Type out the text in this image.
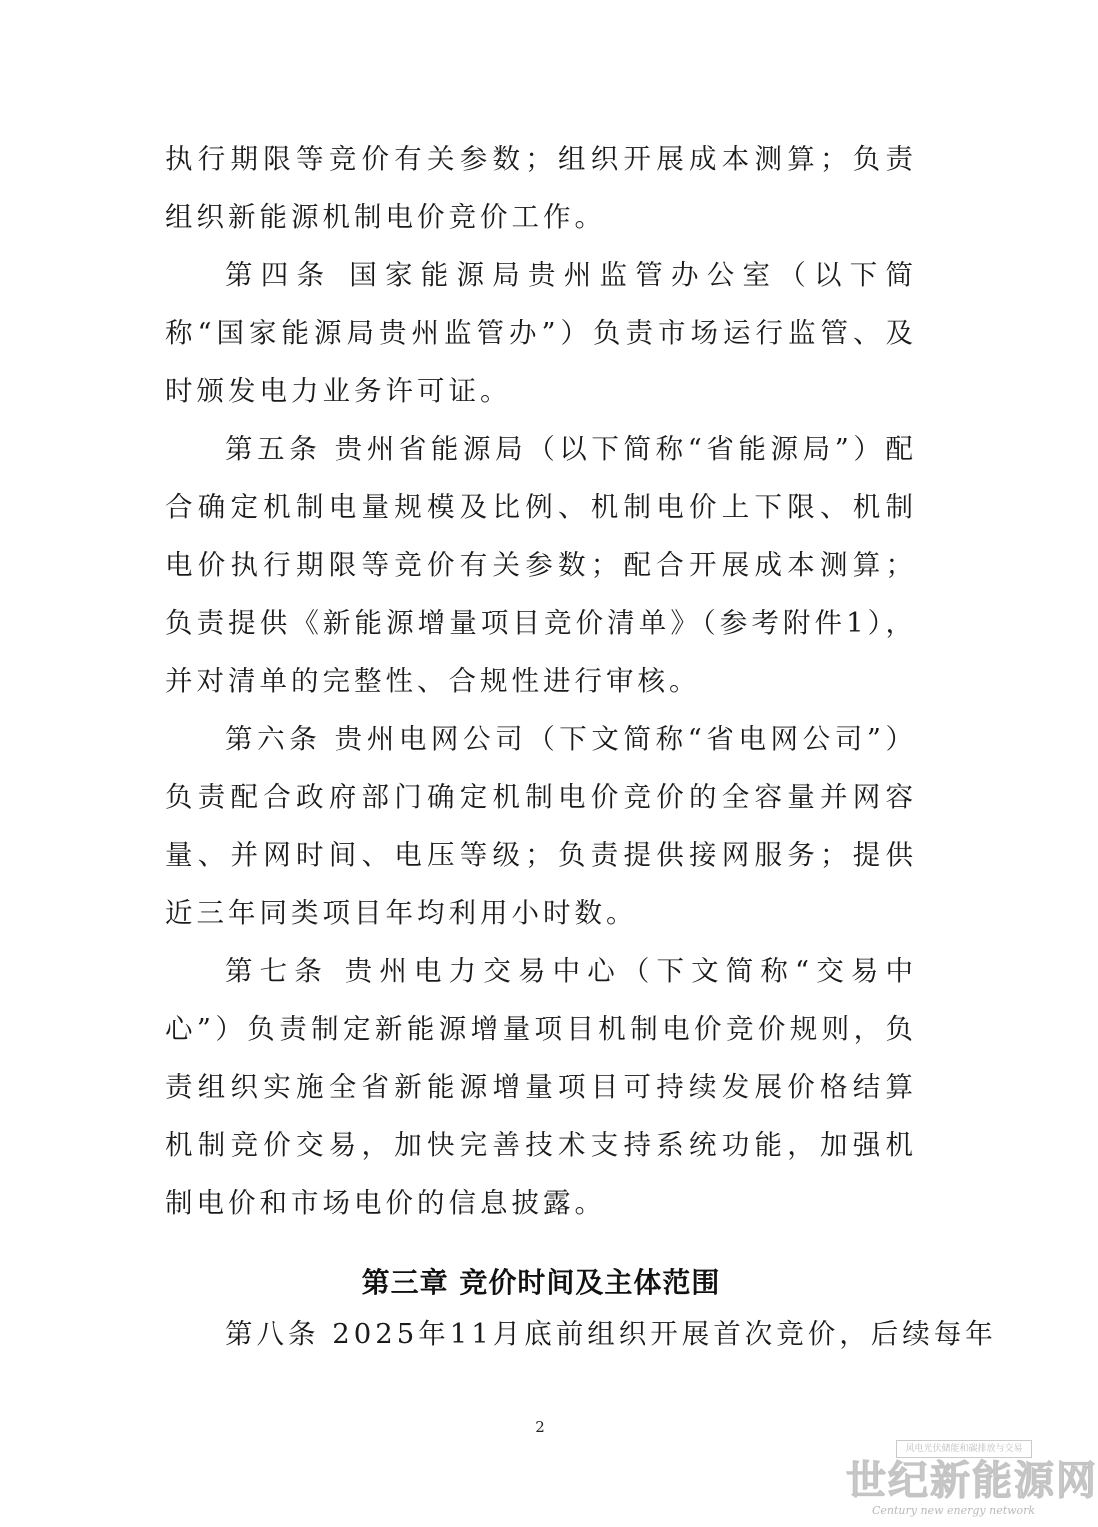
执行期限等竞价有关参数；组织开展成本测算；负责组织新能源机制电价竞价工作。

第四条 国家能源局贵州监管办公室（以下简称“国家能源局贵州监管办”）负责市场运行监管、及时颁发电力业务许可证。

第五条 贵州省能源局（以下简称“省能源局”）配合确定机制电量规模及比例、机制电价上下限、机制电价执行期限等竞价有关参数；配合开展成本测算；负责提供《新能源增量项目竞价清单》（参考附件1），并对清单的完整性、合规性进行审核。

第六条 贵州电网公司（下文简称“省电网公司”）负责配合政府部门确定机制电价竞价的全容量并网容量、并网时间、电压等级；负责提供接网服务；提供近三年同类项目年均利用小时数。

第七条 贵州电力交易中心（下文简称“交易中心”）负责制定新能源增量项目机制电价竞价规则，负责组织实施全省新能源增量项目可持续发展价格结算机制竞价交易，加快完善技术支持系统功能，加强机制电价和市场电价的信息披露。

第三章 竞价时间及主体范围
第八条 2025年11月底前组织开展首次竞价，后续每年
2
风电光伏储能和碳排放与交易
世纪新能源网
Century new energy network
